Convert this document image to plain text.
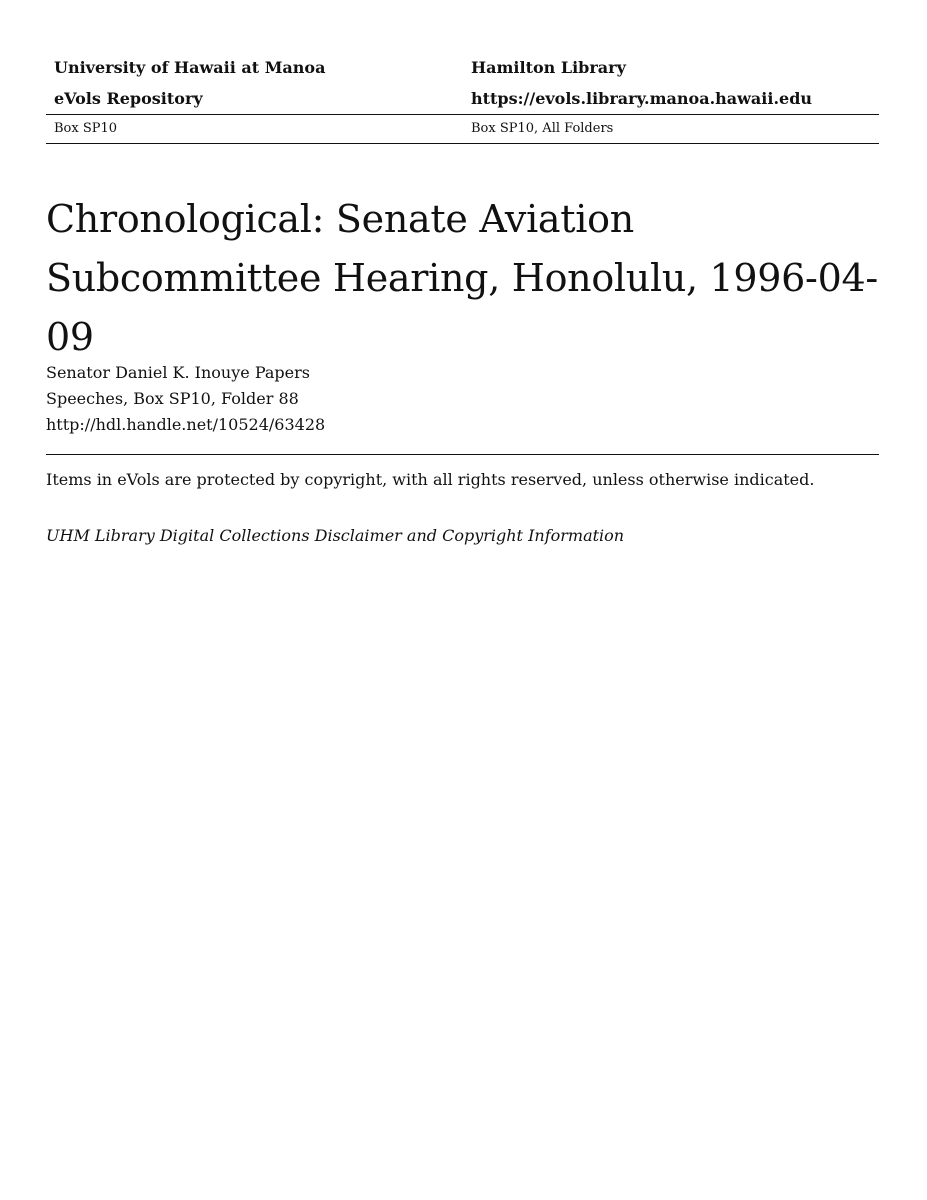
University of Hawaii at Manoa	Hamilton Library
eVols Repository	https://evols.library.manoa.hawaii.edu
Box SP10	Box SP10, All Folders
Chronological: Senate Aviation
Subcommittee Hearing, Honolulu, 1996-04-09
Senator Daniel K. Inouye Papers
Speeches, Box SP10, Folder 88
http://hdl.handle.net/10524/63428
Items in eVols are protected by copyright, with all rights reserved, unless otherwise indicated.
UHM Library Digital Collections Disclaimer and Copyright Information
